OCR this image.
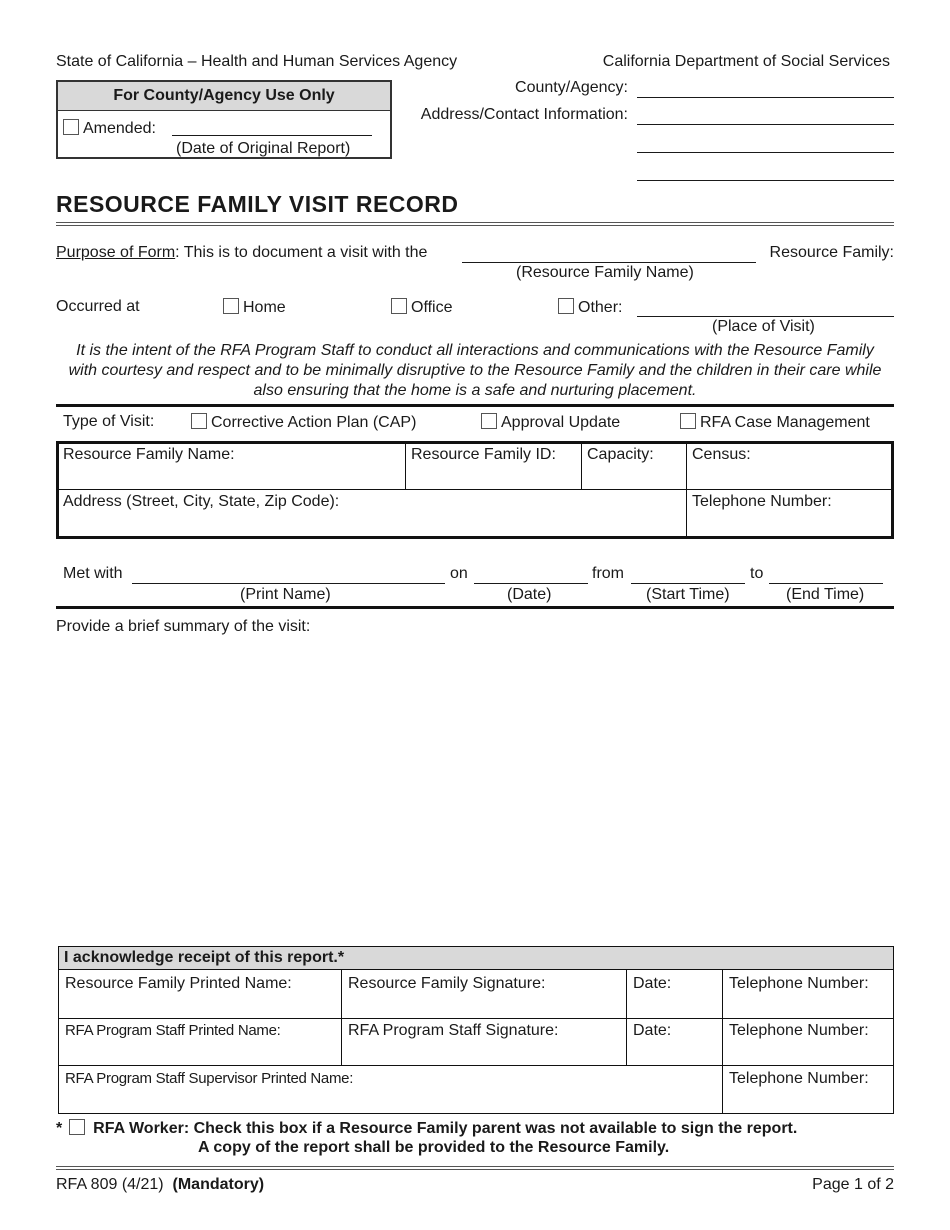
State of California – Health and Human Services Agency	California Department of Social Services
For County/Agency Use Only
Amended:
(Date of Original Report)
County/Agency:
Address/Contact Information:
RESOURCE FAMILY VISIT RECORD
Purpose of Form: This is to document a visit with the	Resource Family:
(Resource Family Name)
Occurred at	Home	Office	Other:
(Place of Visit)
It is the intent of the RFA Program Staff to conduct all interactions and communications with the Resource Family with courtesy and respect and to be minimally disruptive to the Resource Family and the children in their care while also ensuring that the home is a safe and nurturing placement.
Type of Visit:	Corrective Action Plan (CAP)	Approval Update	RFA Case Management
Resource Family Name:	Resource Family ID:	Capacity:	Census:
Address (Street, City, State, Zip Code):	Telephone Number:
Met with	on	from	to
(Print Name)	(Date)	(Start Time)	(End Time)
Provide a brief summary of the visit:
I acknowledge receipt of this report.*
Resource Family Printed Name:	Resource Family Signature:	Date:	Telephone Number:
RFA Program Staff Printed Name:	RFA Program Staff Signature:	Date:	Telephone Number:
RFA Program Staff Supervisor Printed Name:	Telephone Number:
* RFA Worker: Check this box if a Resource Family parent was not available to sign the report.
A copy of the report shall be provided to the Resource Family.
RFA 809 (4/21) (Mandatory)	Page 1 of 2
